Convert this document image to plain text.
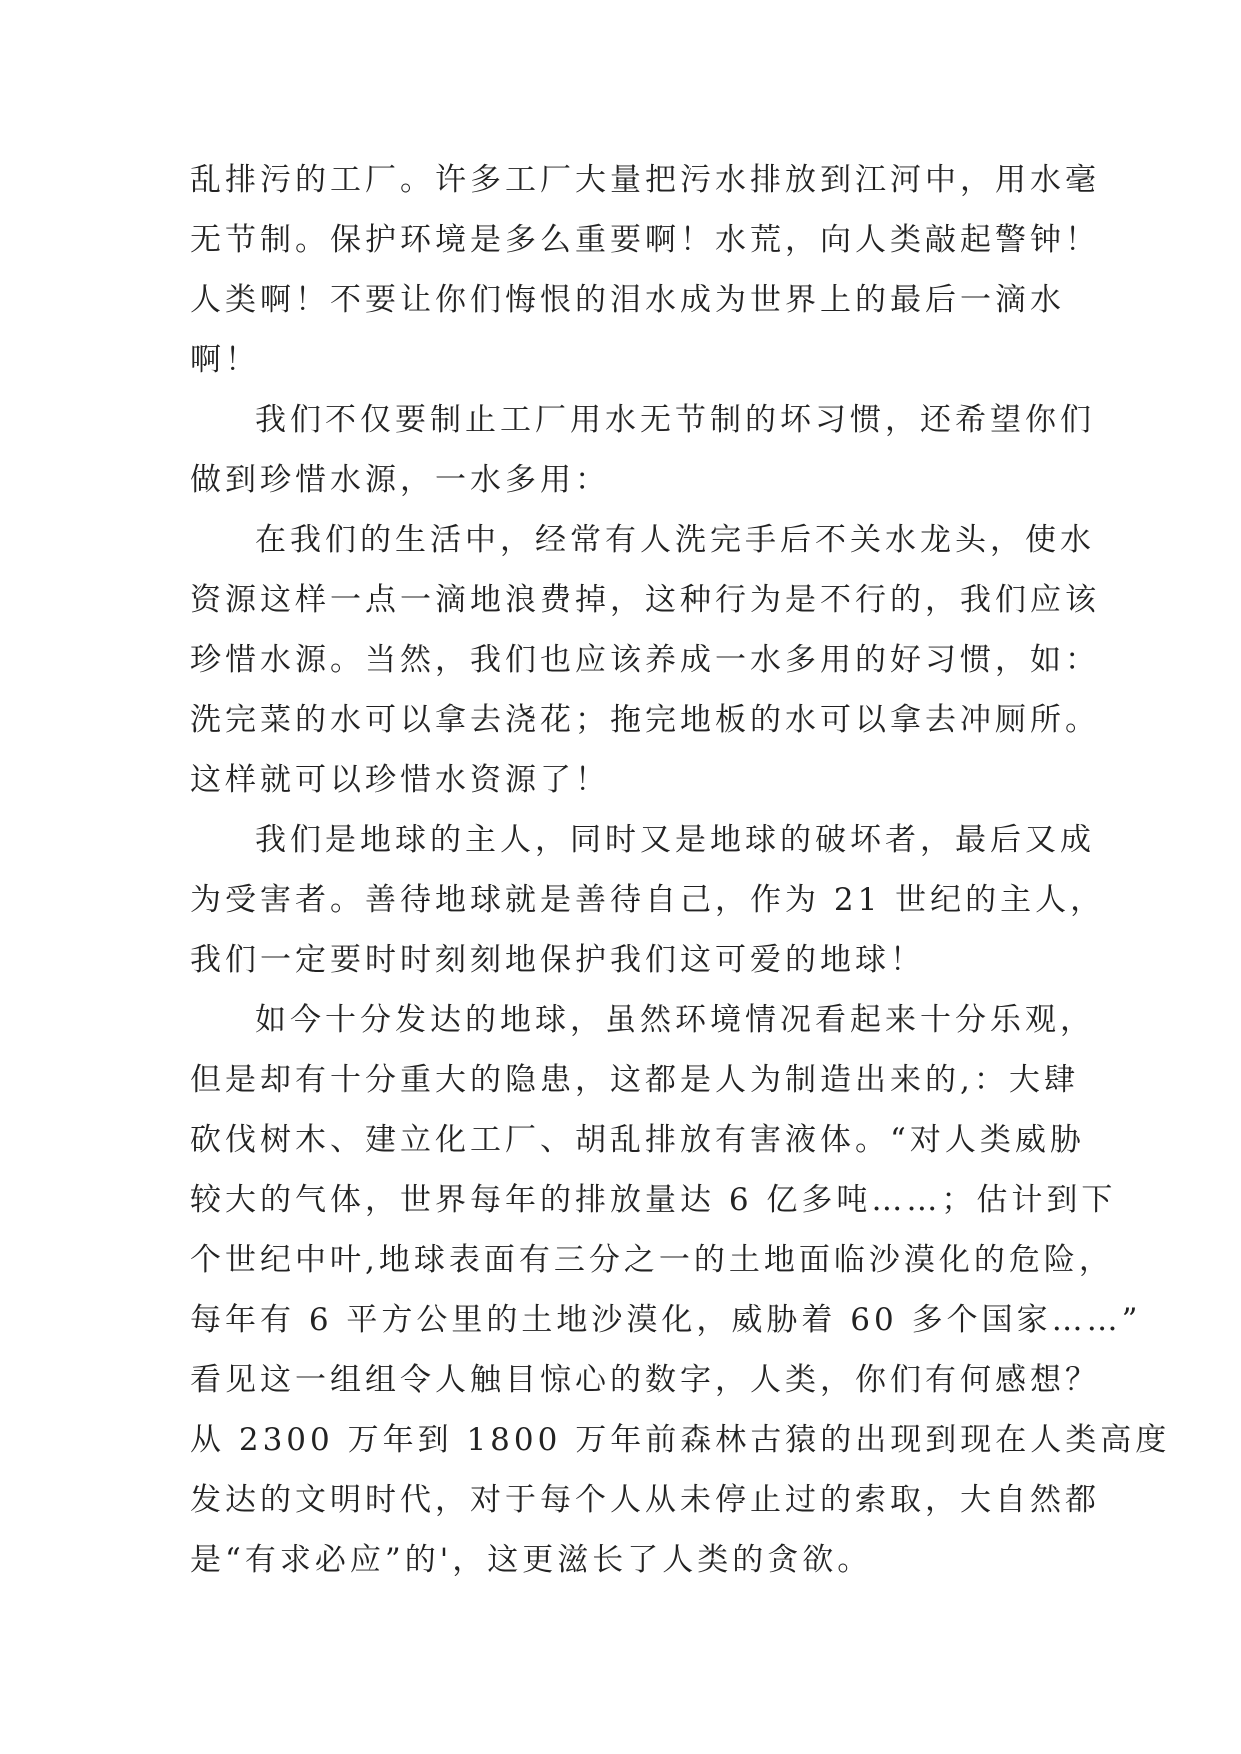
乱排污的工厂。许多工厂大量把污水排放到江河中，用水毫
无节制。保护环境是多么重要啊！水荒，向人类敲起警钟！
人类啊！不要让你们悔恨的泪水成为世界上的最后一滴水
啊！
我们不仅要制止工厂用水无节制的坏习惯，还希望你们
做到珍惜水源，一水多用：
在我们的生活中，经常有人洗完手后不关水龙头，使水
资源这样一点一滴地浪费掉，这种行为是不行的，我们应该
珍惜水源。当然，我们也应该养成一水多用的好习惯，如：
洗完菜的水可以拿去浇花；拖完地板的水可以拿去冲厕所。
这样就可以珍惜水资源了！
我们是地球的主人，同时又是地球的破坏者，最后又成
为受害者。善待地球就是善待自己，作为 21 世纪的主人，
我们一定要时时刻刻地保护我们这可爱的地球！
如今十分发达的地球，虽然环境情况看起来十分乐观，
但是却有十分重大的隐患，这都是人为制造出来的,：大肆
砍伐树木、建立化工厂、胡乱排放有害液体。“对人类威胁
较大的气体，世界每年的排放量达 6 亿多吨……；估计到下
个世纪中叶,地球表面有三分之一的土地面临沙漠化的危险，
每年有 6 平方公里的土地沙漠化，威胁着 60 多个国家……”
看见这一组组令人触目惊心的数字，人类，你们有何感想？
从 2300 万年到 1800 万年前森林古猿的出现到现在人类高度
发达的文明时代，对于每个人从未停止过的索取，大自然都
是“有求必应”的'，这更滋长了人类的贪欲。
